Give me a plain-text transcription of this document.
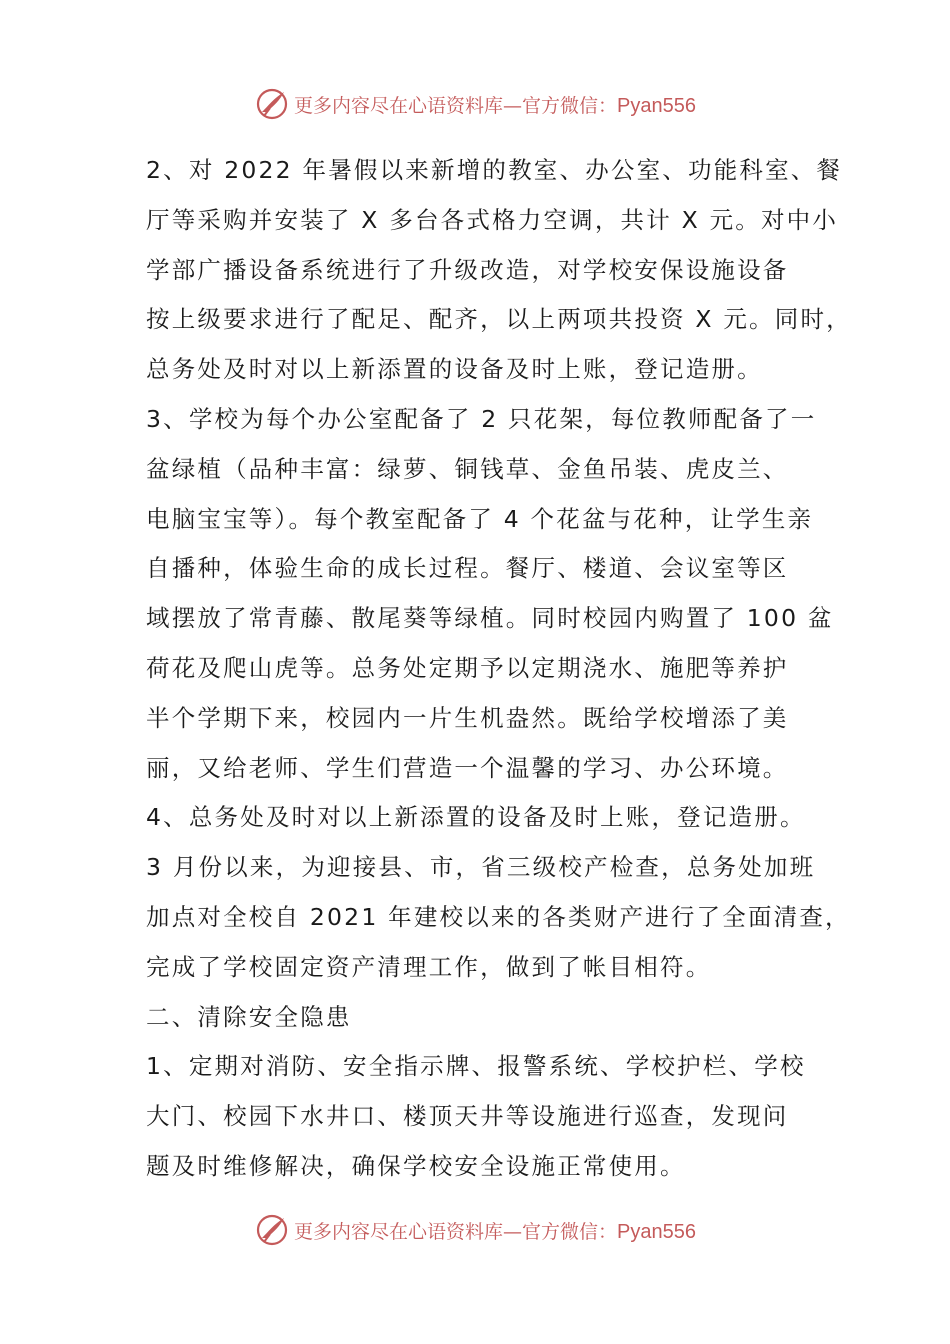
更多内容尽在心语资料库—官方微信：Pyan556
2、对 2022 年暑假以来新增的教室、办公室、功能科室、餐
厅等采购并安装了 X 多台各式格力空调，共计 X 元。对中小
学部广播设备系统进行了升级改造，对学校安保设施设备
按上级要求进行了配足、配齐，以上两项共投资 X 元。同时，
总务处及时对以上新添置的设备及时上账，登记造册。
3、学校为每个办公室配备了 2 只花架，每位教师配备了一
盆绿植（品种丰富：绿萝、铜钱草、金鱼吊装、虎皮兰、
电脑宝宝等）。每个教室配备了 4 个花盆与花种，让学生亲
自播种，体验生命的成长过程。餐厅、楼道、会议室等区
域摆放了常青藤、散尾葵等绿植。同时校园内购置了 100 盆
荷花及爬山虎等。总务处定期予以定期浇水、施肥等养护
半个学期下来，校园内一片生机盎然。既给学校增添了美
丽，又给老师、学生们营造一个温馨的学习、办公环境。
4、总务处及时对以上新添置的设备及时上账，登记造册。
3 月份以来，为迎接县、市，省三级校产检查，总务处加班
加点对全校自 2021 年建校以来的各类财产进行了全面清查，
完成了学校固定资产清理工作，做到了帐目相符。
二、清除安全隐患
1、定期对消防、安全指示牌、报警系统、学校护栏、学校
大门、校园下水井口、楼顶天井等设施进行巡查，发现问
题及时维修解决，确保学校安全设施正常使用。
更多内容尽在心语资料库—官方微信：Pyan556
